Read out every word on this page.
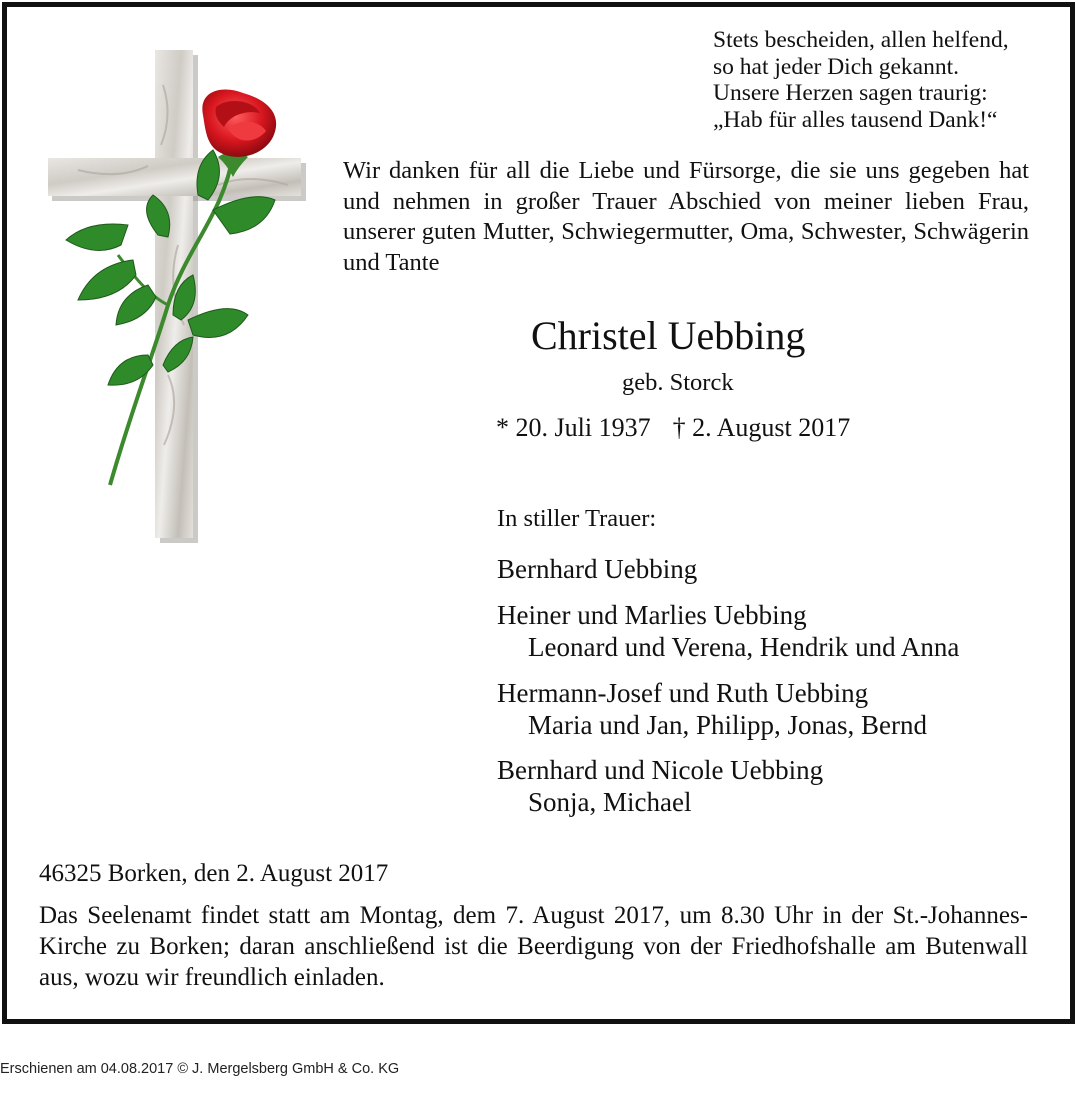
Stets bescheiden, allen helfend,
so hat jeder Dich gekannt.
Unsere Herzen sagen traurig:
„Hab für alles tausend Dank!“
Wir danken für all die Liebe und Fürsorge, die sie uns gegeben hat und nehmen in großer Trauer Abschied von meiner lieben Frau, unserer guten Mutter, Schwiegermutter, Oma, Schwester, Schwägerin und Tante
Christel Uebbing
geb. Storck
* 20. Juli 1937 † 2. August 2017
In stiller Trauer:
Bernhard Uebbing
Heiner und Marlies Uebbing
Leonard und Verena, Hendrik und Anna
Hermann-Josef und Ruth Uebbing
Maria und Jan, Philipp, Jonas, Bernd
Bernhard und Nicole Uebbing
Sonja, Michael
46325 Borken, den 2. August 2017
Das Seelenamt findet statt am Montag, dem 7. August 2017, um 8.30 Uhr in der St.-Johannes-Kirche zu Borken; daran anschließend ist die Beerdigung von der Friedhofshalle am Butenwall aus, wozu wir freundlich einladen.
Erschienen am 04.08.2017 © J. Mergelsberg GmbH & Co. KG
